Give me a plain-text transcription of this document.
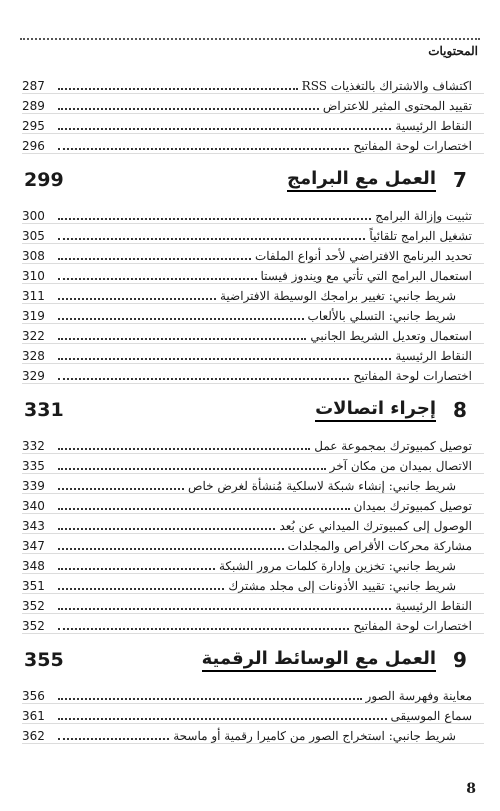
المحتويات
اكتشاف والاشتراك بالتغذيات RSS
287
تقييد المحتوى المثير للاعتراض
289
النقاط الرئيسية
295
اختصارات لوحة المفاتيح
296
7
العمل مع البرامج
299
تثبيت وإزالة البرامج
300
تشغيل البرامج تلقائياً
305
تحديد البرنامج الافتراضي لأحد أنواع الملفات
308
استعمال البرامج التي تأتي مع ويندوز فيستا
310
شريط جانبي: تغيير برامجك الوسيطة الافتراضية
311
شريط جانبي: التسلي بالألعاب
319
استعمال وتعديل الشريط الجانبي
322
النقاط الرئيسية
328
اختصارات لوحة المفاتيح
329
8
إجراء اتصالات
331
توصيل كمبيوترك بمجموعة عمل
332
الاتصال بميدان من مكان آخر
335
شريط جانبي: إنشاء شبكة لاسلكية مُنشأة لغرض خاص
339
توصيل كمبيوترك بميدان
340
الوصول إلى كمبيوترك الميداني عن بُعد
343
مشاركة محركات الأقراص والمجلدات
347
شريط جانبي: تخزين وإدارة كلمات مرور الشبكة
348
شريط جانبي: تقييد الأذونات إلى مجلد مشترك
351
النقاط الرئيسية
352
اختصارات لوحة المفاتيح
352
9
العمل مع الوسائط الرقمية
355
معاينة وفهرسة الصور
356
سماع الموسيقى
361
شريط جانبي: استخراج الصور من كاميرا رقمية أو ماسحة
362
8
